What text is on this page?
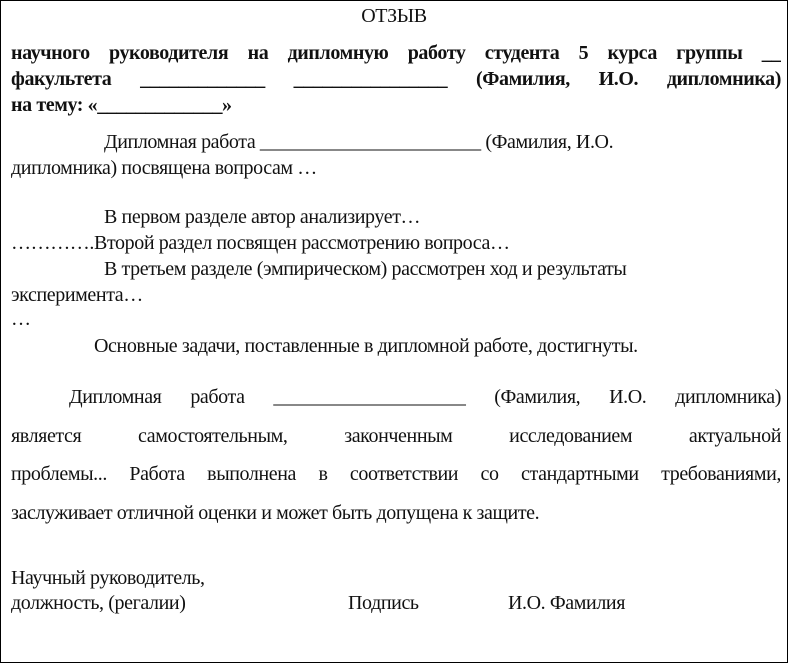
ОТЗЫВ
научного руководителя на дипломную работу студента 5 курса группы __
факультета _____________ ________________ (Фамилия, И.О. дипломника)
на тему: «_____________»
Дипломная работа _______________________ (Фамилия, И.О.
дипломника) посвящена вопросам …
В первом разделе автор анализирует…
………….Второй раздел посвящен рассмотрению вопроса…
В третьем разделе (эмпирическом) рассмотрен ход и результаты
эксперимента…
…
Основные задачи, поставленные в дипломной работе, достигнуты.
Дипломная работа ____________________ (Фамилия, И.О. дипломника)
является самостоятельным, законченным исследованием актуальной
проблемы... Работа выполнена в соответствии со стандартными требованиями,
заслуживает отличной оценки и может быть допущена к защите.
Научный руководитель,
должность, (регалии)	Подпись	И.О. Фамилия
